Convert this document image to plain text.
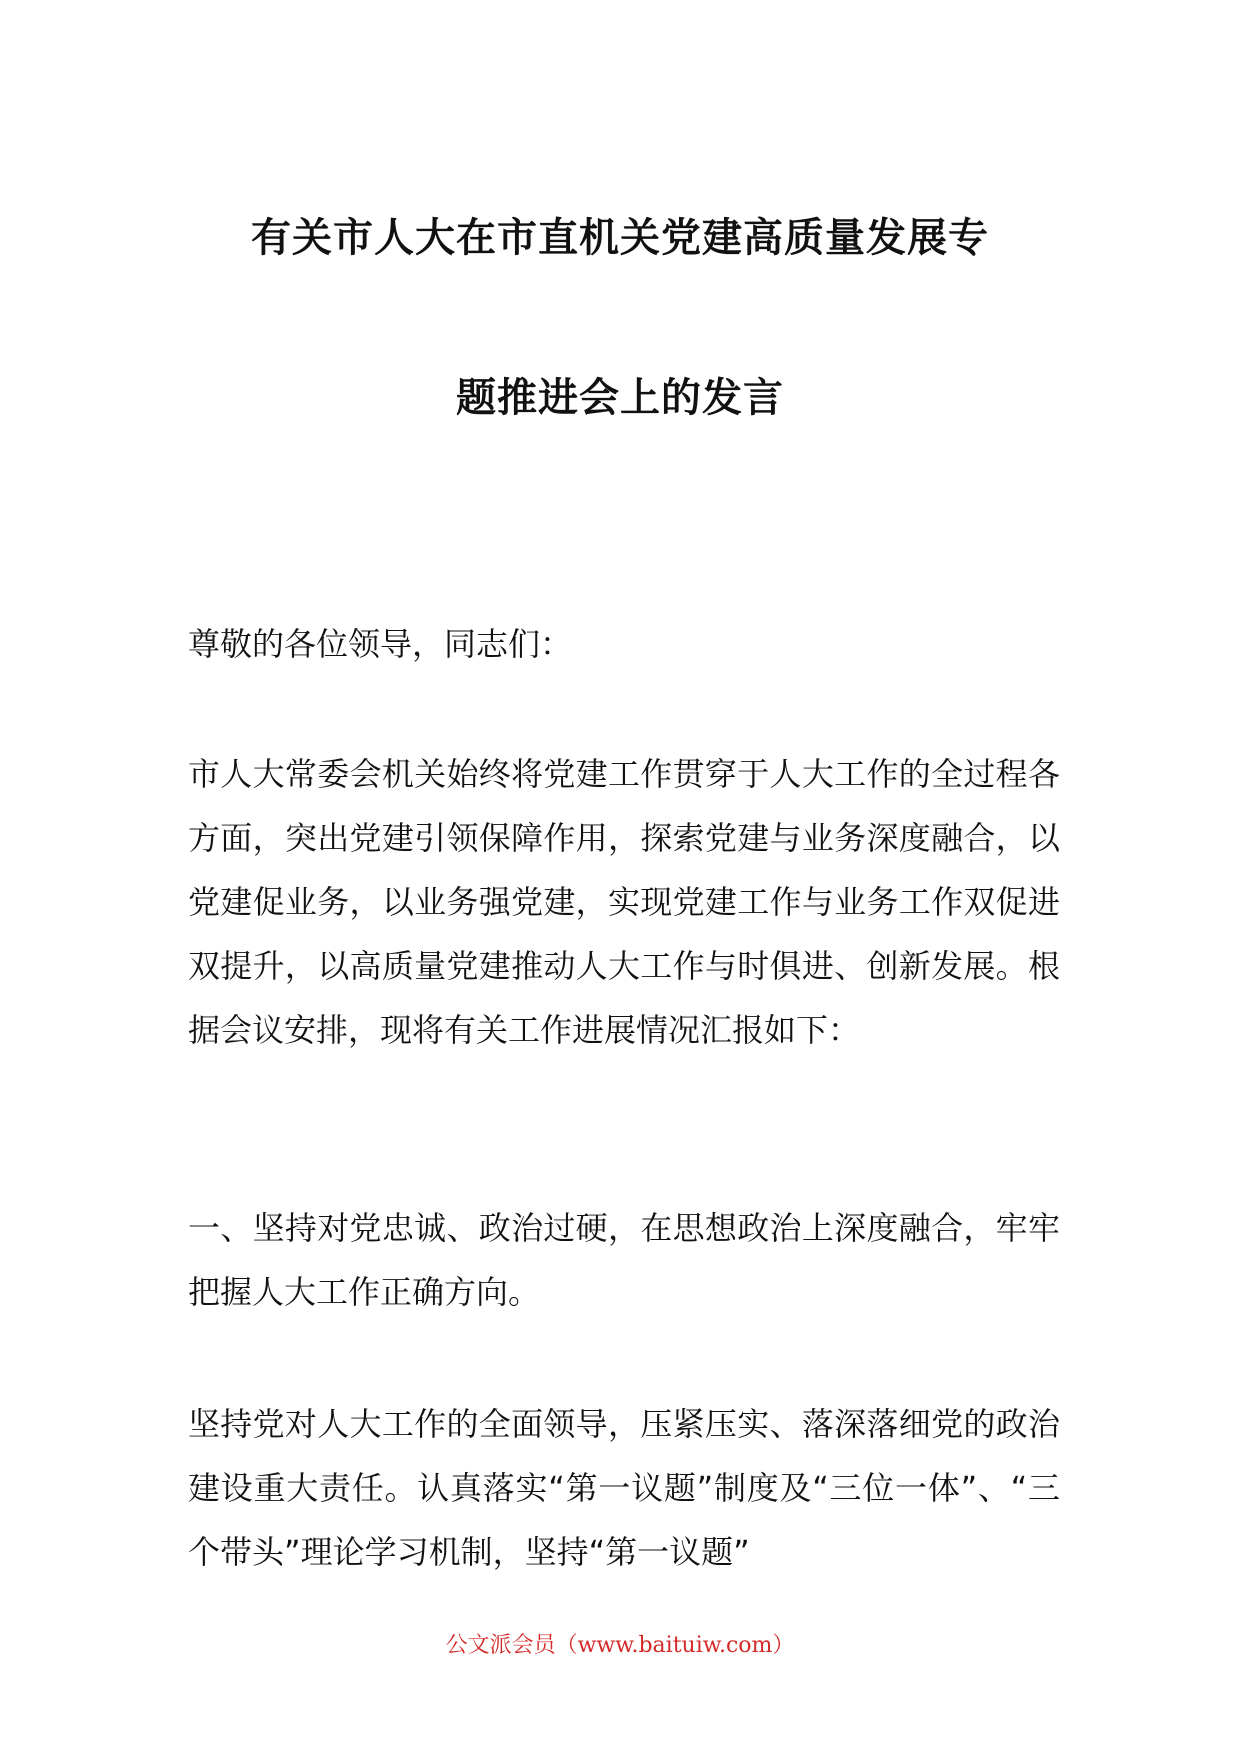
有关市人大在市直机关党建高质量发展专
题推进会上的发言

尊敬的各位领导，同志们：

市人大常委会机关始终将党建工作贯穿于人大工作的全过程各方面，突出党建引领保障作用，探索党建与业务深度融合，以党建促业务，以业务强党建，实现党建工作与业务工作双促进双提升，以高质量党建推动人大工作与时俱进、创新发展。根据会议安排，现将有关工作进展情况汇报如下：

一、坚持对党忠诚、政治过硬，在思想政治上深度融合，牢牢把握人大工作正确方向。

坚持党对人大工作的全面领导，压紧压实、落深落细党的政治建设重大责任。认真落实“第一议题”制度及“三位一体”、“三个带头”理论学习机制，坚持“第一议题”

公文派会员（www.baituiw.com）
